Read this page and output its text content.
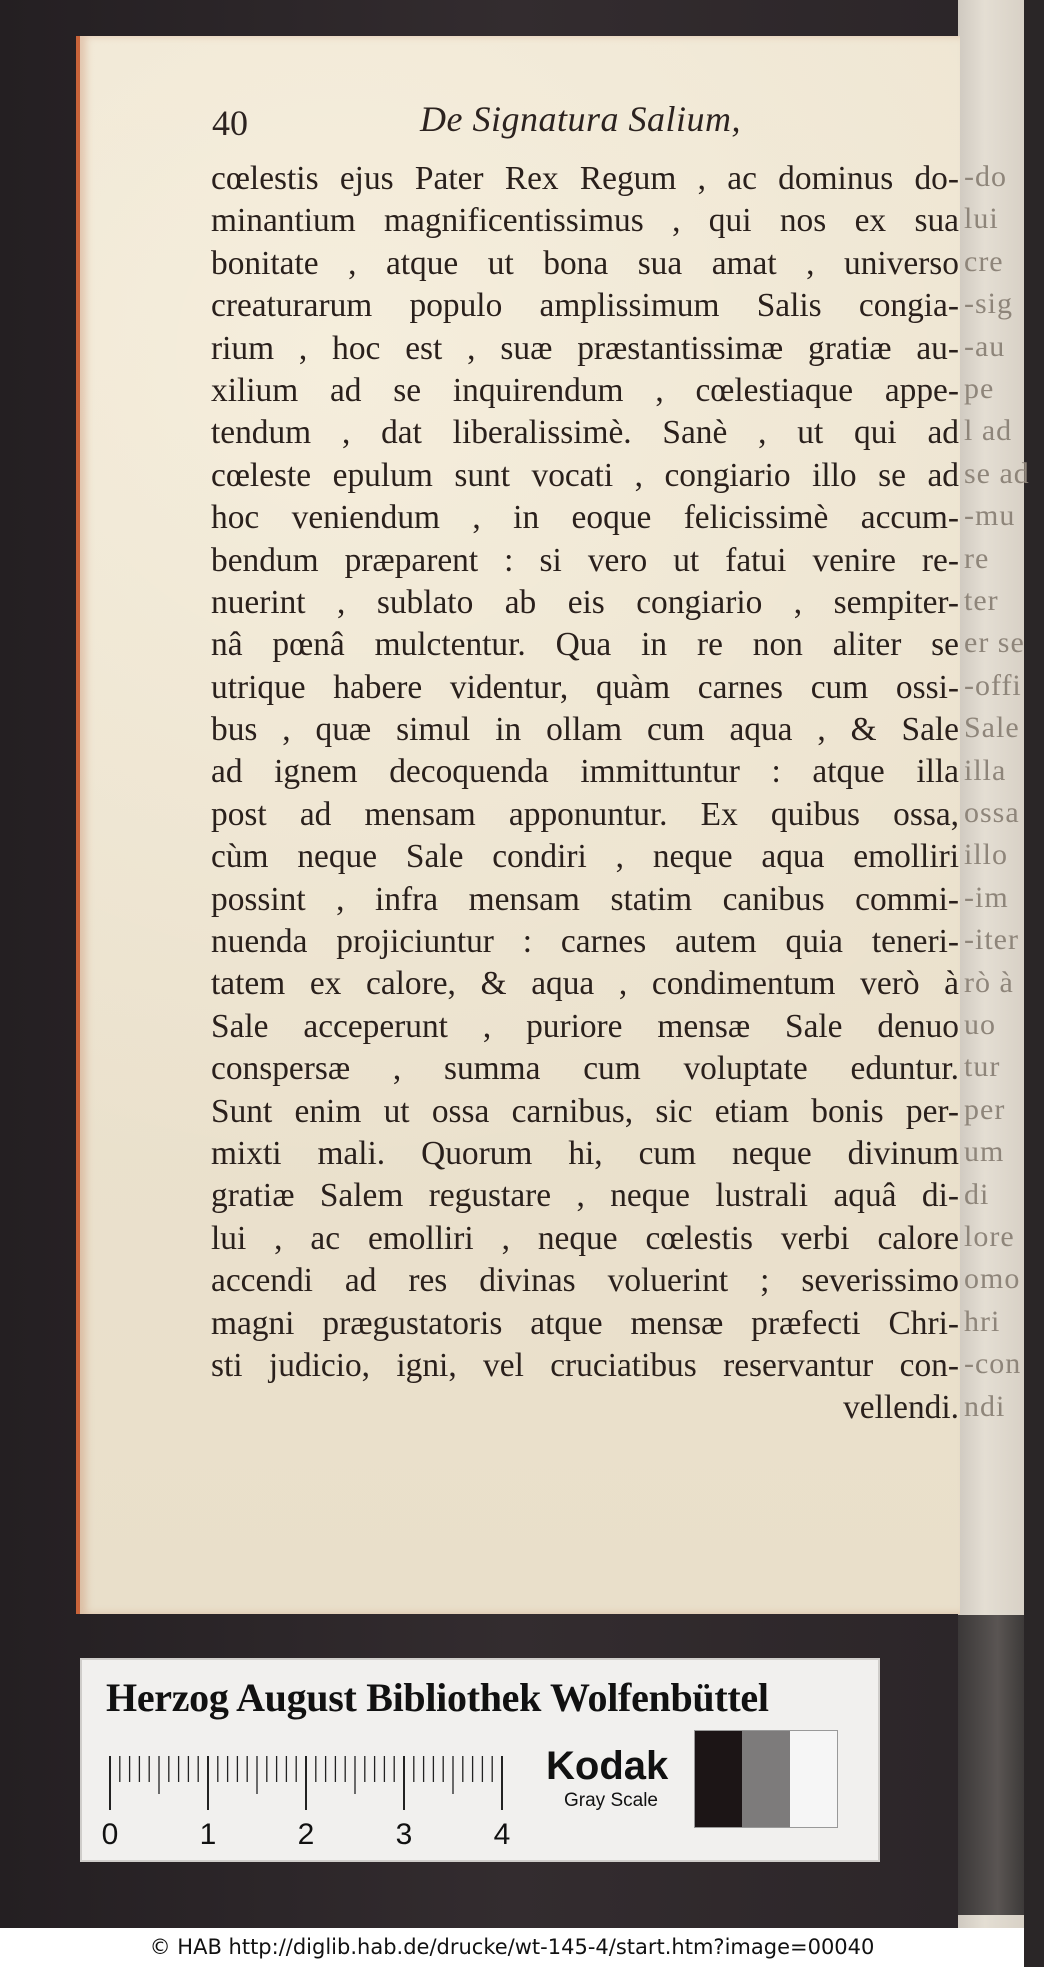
-do
lui
cre
-sig
-au
pe
l ad
se ad
-mu
re
ter
er se
-offi
Sale
illa
ossa
illo
-im
-iter
rò à
uo
tur
per
um
di
lore
omo
hri
-con
ndi
40	De Signatura Salium,
cœlestis ejus Pater Rex Regum , ac dominus do-
minantium magnificentissimus , qui nos ex sua
bonitate , atque ut bona sua amat , universo
creaturarum populo amplissimum Salis congia-
rium , hoc est , suæ præstantissimæ gratiæ au-
xilium ad se inquirendum , cœlestiaque appe-
tendum , dat liberalissimè. Sanè , ut qui ad
cœleste epulum sunt vocati , congiario illo se ad
hoc veniendum , in eoque felicissimè accum-
bendum præparent : si vero ut fatui venire re-
nuerint , sublato ab eis congiario , sempiter-
nâ pœnâ mulctentur. Qua in re non aliter se
utrique habere videntur, quàm carnes cum ossi-
bus , quæ simul in ollam cum aqua , & Sale
ad ignem decoquenda immittuntur : atque illa
post ad mensam apponuntur. Ex quibus ossa,
cùm neque Sale condiri , neque aqua emolliri
possint , infra mensam statim canibus commi-
nuenda projiciuntur : carnes autem quia teneri-
tatem ex calore, & aqua , condimentum verò à
Sale acceperunt , puriore mensæ Sale denuo
conspersæ , summa cum voluptate eduntur.
Sunt enim ut ossa carnibus, sic etiam bonis per-
mixti mali. Quorum hi, cum neque divinum
gratiæ Salem regustare , neque lustrali aquâ di-
lui , ac emolliri , neque cœlestis verbi calore
accendi ad res divinas voluerint ; severissimo
magni prægustatoris atque mensæ præfecti Chri-
sti judicio, igni, vel cruciatibus reservantur con-
vellendi.
Herzog August Bibliothek Wolfenbüttel
0	1	2	3	4
Kodak
Gray Scale
© HAB http://diglib.hab.de/drucke/wt-145-4/start.htm?image=00040
